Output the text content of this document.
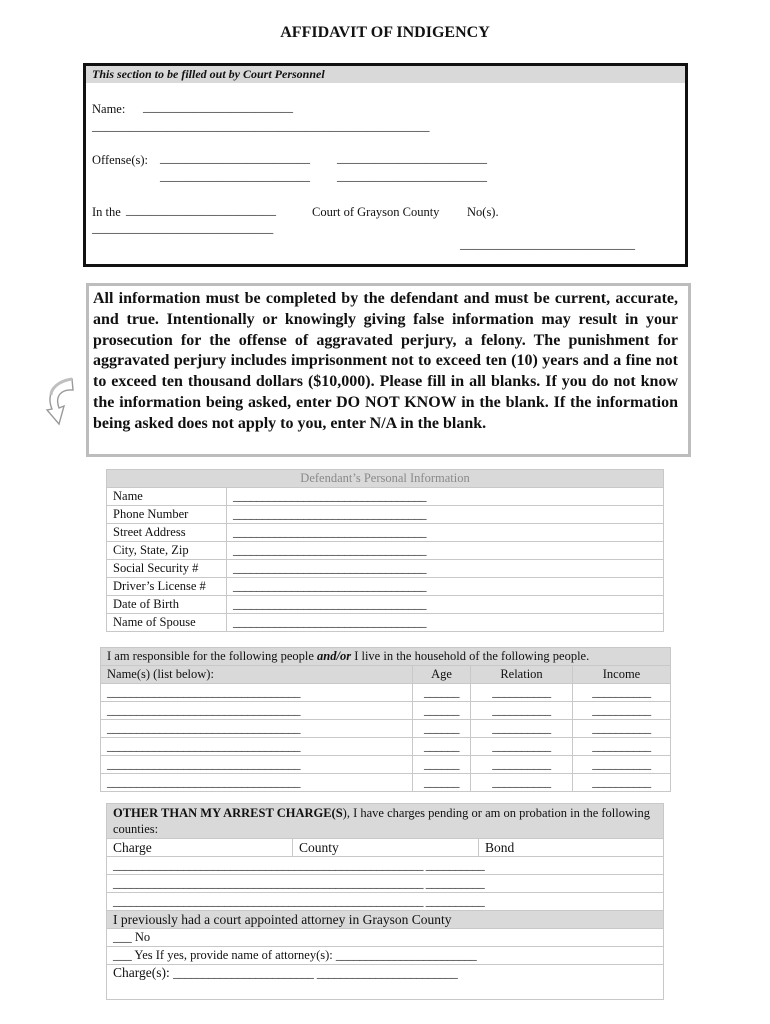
AFFIDAVIT OF INDIGENCY
This section to be filled out by Court Personnel
Name: ________________________
______________________________________________________
Offense(s): ________________________ ________________________
________________________ ________________________
In the ________________________	Court of Grayson County No(s).
_____________________________
____________________________
____________________________

All information must be completed by the defendant and must be current, accurate, and true. Intentionally or knowingly giving false information may result in your prosecution for the offense of aggravated perjury, a felony. The punishment for aggravated perjury includes imprisonment not to exceed ten (10) years and a fine not to exceed ten thousand dollars ($10,000). Please fill in all blanks. If you do not know the information being asked, enter DO NOT KNOW in the blank. If the information being asked does not apply to you, enter N/A in the blank.

Defendant’s Personal Information	
Name	_________________________________
Phone Number	_________________________________
Street Address	_________________________________
City, State, Zip	_________________________________
Social Security #	_________________________________
Driver’s License #	_________________________________
Date of Birth	_________________________________
Name of Spouse	_________________________________
I am responsible for the following people and/or I live in the household of the following people.			
Name(s) (list below):	Age	Relation	Income
_________________________________	______	__________	__________
_________________________________	______	__________	__________
_________________________________	______	__________	__________
_________________________________	______	__________	__________
_________________________________	______	__________	__________
_________________________________	______	__________	__________
OTHER THAN MY ARREST CHARGE(S), I have charges pending or am on probation in the following counties:
Charge	County	Bond
_____________________________________________________ __________
_____________________________________________________ __________
_____________________________________________________ __________
I previously had a court appointed attorney in Grayson County
___ No
___ Yes If yes, provide name of attorney(s): ________________________
Charge(s): ________________________ ________________________
